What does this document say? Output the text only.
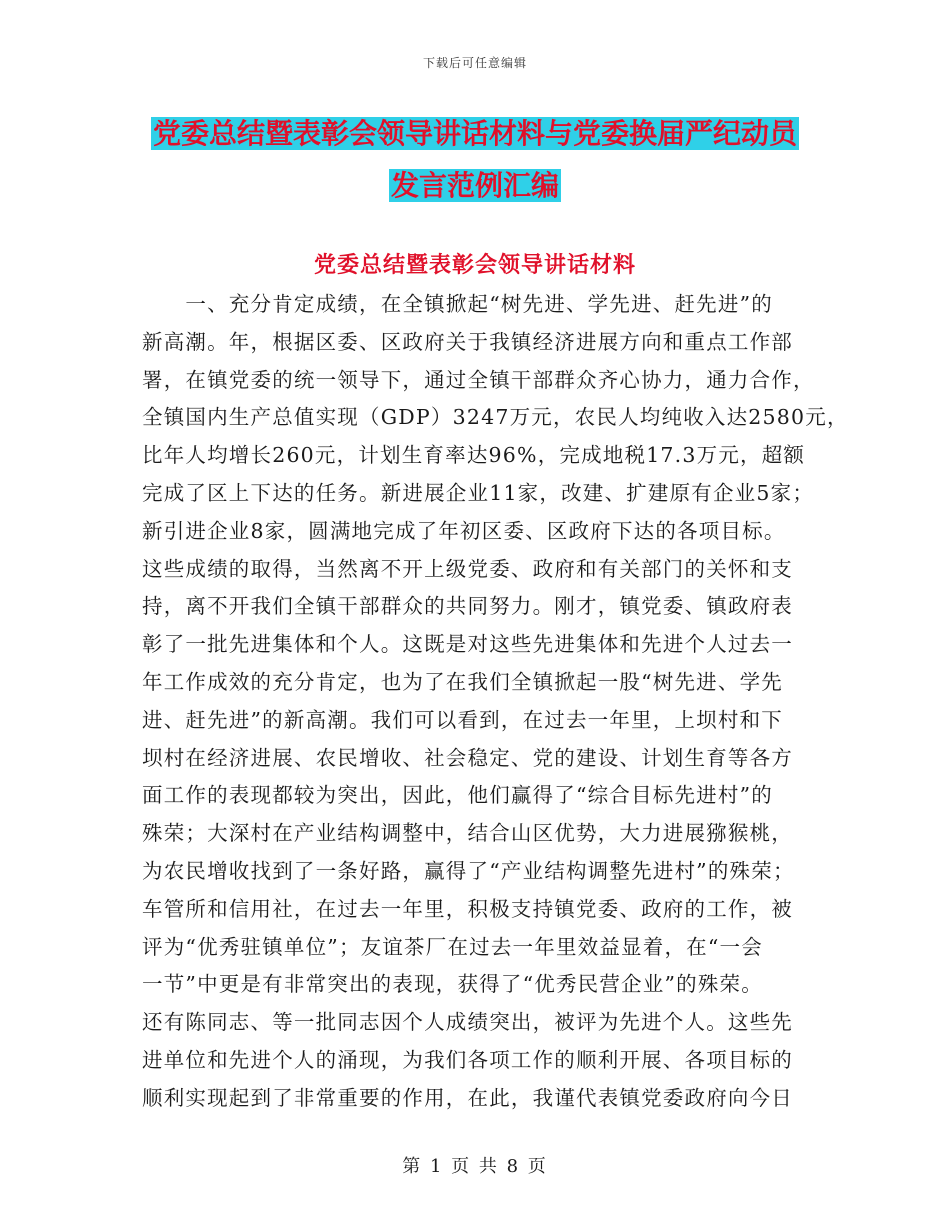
下载后可任意编辑
党委总结暨表彰会领导讲话材料与党委换届严纪动员
发言范例汇编
党委总结暨表彰会领导讲话材料
　　一、充分肯定成绩，在全镇掀起“树先进、学先进、赶先进”的
新高潮。年，根据区委、区政府关于我镇经济进展方向和重点工作部
署，在镇党委的统一领导下，通过全镇干部群众齐心协力，通力合作，
全镇国内生产总值实现（GDP）3247万元，农民人均纯收入达2580元，
比年人均增长260元，计划生育率达96%，完成地税17.3万元，超额
完成了区上下达的任务。新进展企业11家，改建、扩建原有企业5家；
新引进企业8家，圆满地完成了年初区委、区政府下达的各项目标。
这些成绩的取得，当然离不开上级党委、政府和有关部门的关怀和支
持，离不开我们全镇干部群众的共同努力。刚才，镇党委、镇政府表
彰了一批先进集体和个人。这既是对这些先进集体和先进个人过去一
年工作成效的充分肯定，也为了在我们全镇掀起一股“树先进、学先
进、赶先进”的新高潮。我们可以看到，在过去一年里，上坝村和下
坝村在经济进展、农民增收、社会稳定、党的建设、计划生育等各方
面工作的表现都较为突出，因此，他们赢得了“综合目标先进村”的
殊荣；大深村在产业结构调整中，结合山区优势，大力进展猕猴桃，
为农民增收找到了一条好路，赢得了“产业结构调整先进村”的殊荣；
车管所和信用社，在过去一年里，积极支持镇党委、政府的工作，被
评为“优秀驻镇单位”；友谊茶厂在过去一年里效益显着，在“一会
一节”中更是有非常突出的表现，获得了“优秀民营企业”的殊荣。
还有陈同志、等一批同志因个人成绩突出，被评为先进个人。这些先
进单位和先进个人的涌现，为我们各项工作的顺利开展、各项目标的
顺利实现起到了非常重要的作用，在此，我谨代表镇党委政府向今日
第 1 页 共 8 页
